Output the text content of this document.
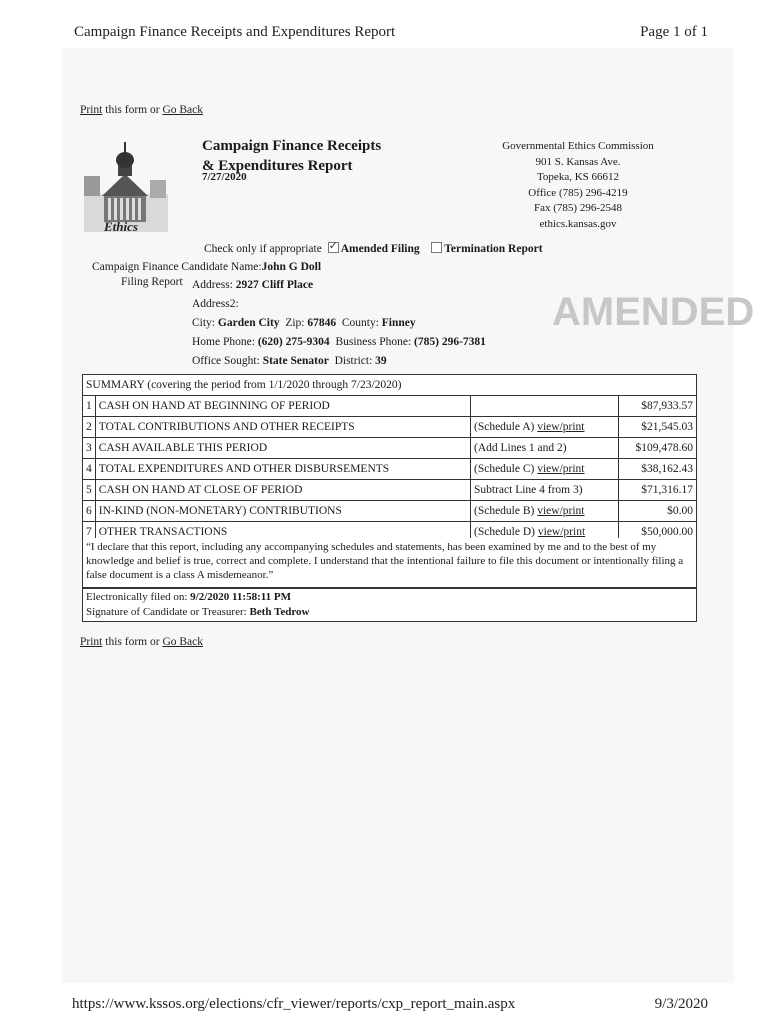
Campaign Finance Receipts and Expenditures Report	Page 1 of 1
Print this form or Go Back
Ethics
Campaign Finance Receipts
& Expenditures Report
7/27/2020
Governmental Ethics Commission
901 S. Kansas Ave.
Topeka, KS 66612
Office (785) 296-4219
Fax (785) 296-2548
ethics.kansas.gov
Check only if appropriate ✓ Amended Filing Termination Report
Campaign Finance Candidate Name:John G Doll
Filing Report Address: 2927 Cliff Place
Address2:
City: Garden City Zip: 67846 County: Finney
Home Phone: (620) 275-9304 Business Phone: (785) 296-7381
Office Sought: State Senator District: 39
AMENDED
SUMMARY (covering the period from 1/1/2020 through 7/23/2020)			
1	CASH ON HAND AT BEGINNING OF PERIOD		$87,933.57
2	TOTAL CONTRIBUTIONS AND OTHER RECEIPTS	(Schedule A) view/print	$21,545.03
3	CASH AVAILABLE THIS PERIOD	(Add Lines 1 and 2)	$109,478.60
4	TOTAL EXPENDITURES AND OTHER DISBURSEMENTS	(Schedule C) view/print	$38,162.43
5	CASH ON HAND AT CLOSE OF PERIOD	Subtract Line 4 from 3)	$71,316.17
6	IN-KIND (NON-MONETARY) CONTRIBUTIONS	(Schedule B) view/print	$0.00
7	OTHER TRANSACTIONS	(Schedule D) view/print	$50,000.00
“I declare that this report, including any accompanying schedules and statements, has been examined by me and to the best of my knowledge and belief is true, correct and complete. I understand that the intentional failure to file this document or intentionally filing a false document is a class A misdemeanor.”
Electronically filed on: 9/2/2020 11:58:11 PM
Signature of Candidate or Treasurer: Beth Tedrow
Print this form or Go Back
https://www.kssos.org/elections/cfr_viewer/reports/cxp_report_main.aspx	9/3/2020
